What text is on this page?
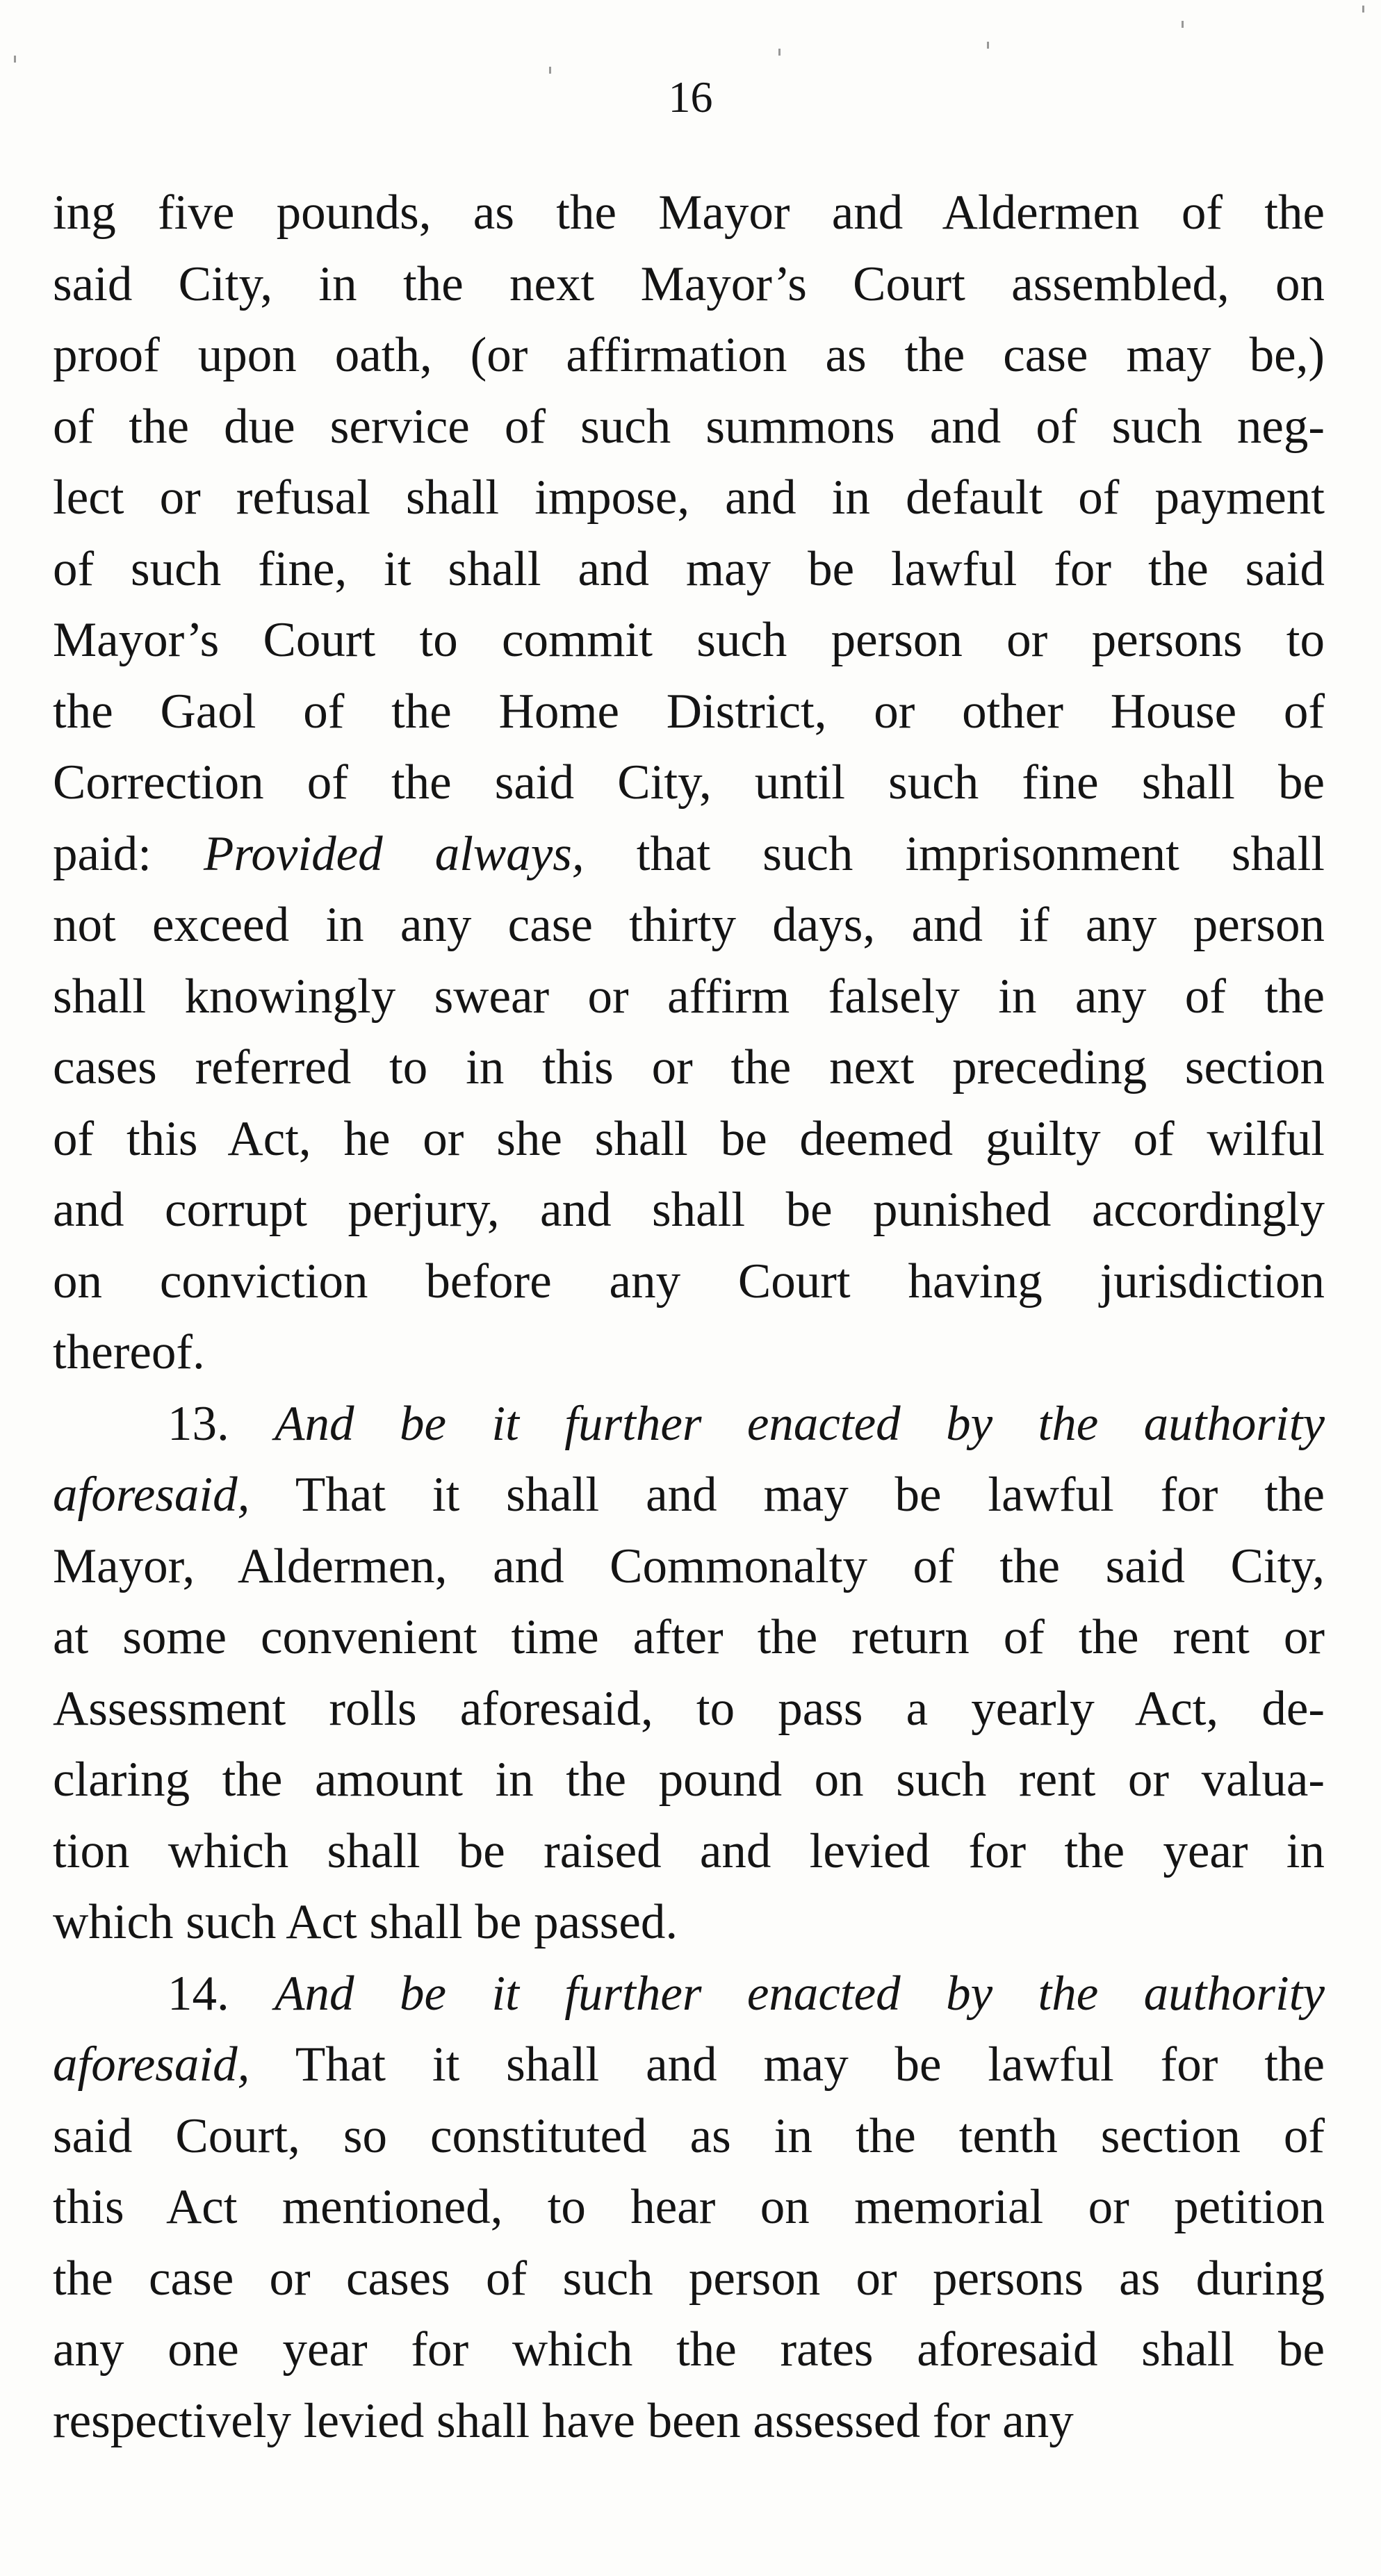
16
ing five pounds, as the Mayor and Aldermen of the
said City, in the next Mayor’s Court assembled, on
proof upon oath, (or affirmation as the case may be,)
of the due service of such summons and of such neg-
lect or refusal shall impose, and in default of payment
of such fine, it shall and may be lawful for the said
Mayor’s Court to commit such person or persons to
the Gaol of the Home District, or other House of
Correction of the said City, until such fine shall be
paid: Provided always, that such imprisonment shall
not exceed in any case thirty days, and if any person
shall knowingly swear or affirm falsely in any of the
cases referred to in this or the next preceding section
of this Act, he or she shall be deemed guilty of wilful
and corrupt perjury, and shall be punished accordingly
on conviction before any Court having jurisdiction
thereof.
13. And be it further enacted by the authority
aforesaid, That it shall and may be lawful for the
Mayor, Aldermen, and Commonalty of the said City,
at some convenient time after the return of the rent or
Assessment rolls aforesaid, to pass a yearly Act, de-
claring the amount in the pound on such rent or valua-
tion which shall be raised and levied for the year in
which such Act shall be passed.
14. And be it further enacted by the authority
aforesaid, That it shall and may be lawful for the
said Court, so constituted as in the tenth section of
this Act mentioned, to hear on memorial or petition
the case or cases of such person or persons as during
any one year for which the rates aforesaid shall be
respectively levied shall have been assessed for any
